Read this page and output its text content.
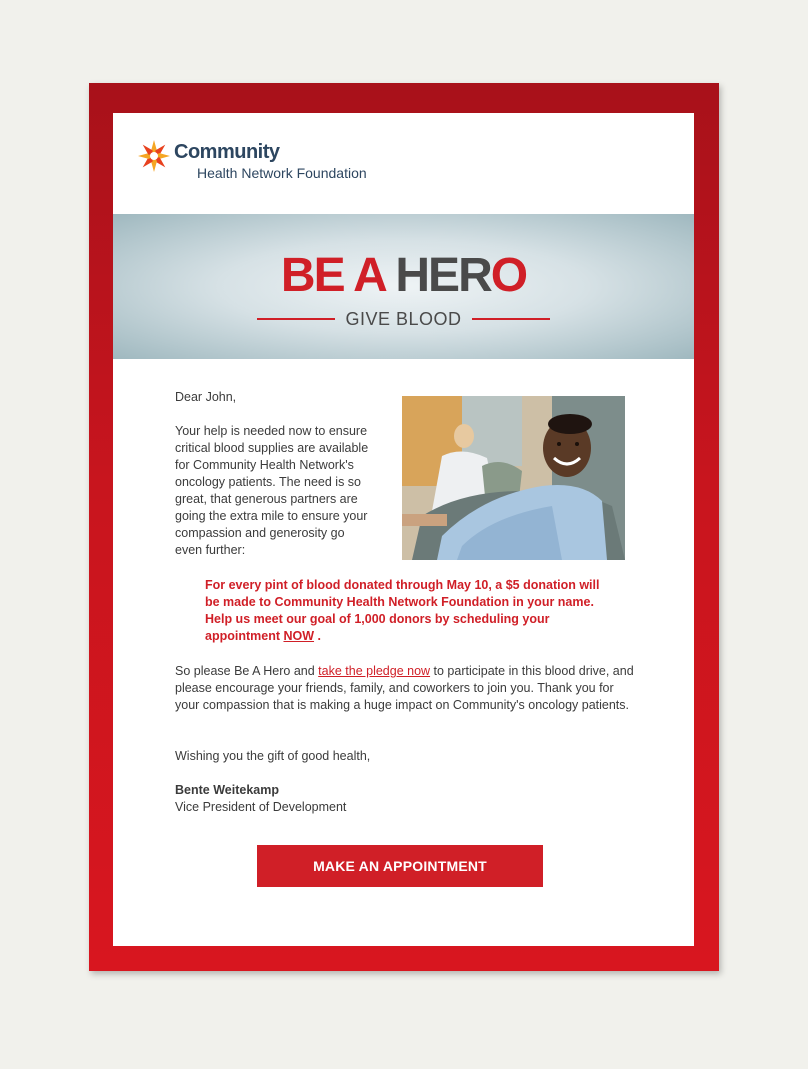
Community
Health Network Foundation
BE A HERO
GIVE BLOOD
Dear John,
Your help is needed now to ensure critical blood supplies are available for Community Health Network's oncology patients. The need is so great, that generous partners are going the extra mile to ensure your compassion and generosity go even further:
For every pint of blood donated through May 10, a $5 donation will be made to Community Health Network Foundation in your name. Help us meet our goal of 1,000 donors by scheduling your appointment NOW .
So please Be A Hero and take the pledge now to participate in this blood drive, and please encourage your friends, family, and coworkers to join you. Thank you for your compassion that is making a huge impact on Community's oncology patients.
Wishing you the gift of good health,
Bente Weitekamp
Vice President of Development
MAKE AN APPOINTMENT
